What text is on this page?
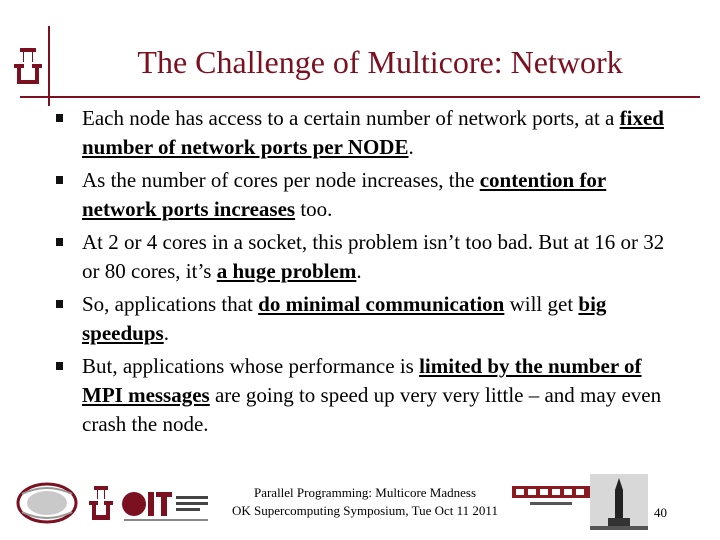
The Challenge of Multicore: Network
Each node has access to a certain number of network ports, at a fixed number of network ports per NODE.
As the number of cores per node increases, the contention for network ports increases too.
At 2 or 4 cores in a socket, this problem isn’t too bad. But at 16 or 32 or 80 cores, it’s a huge problem.
So, applications that do minimal communication will get big speedups.
But, applications whose performance is limited by the number of MPI messages are going to speed up very very little – and may even crash the node.
Parallel Programming: Multicore Madness
OK Supercomputing Symposium, Tue Oct 11 2011	40
